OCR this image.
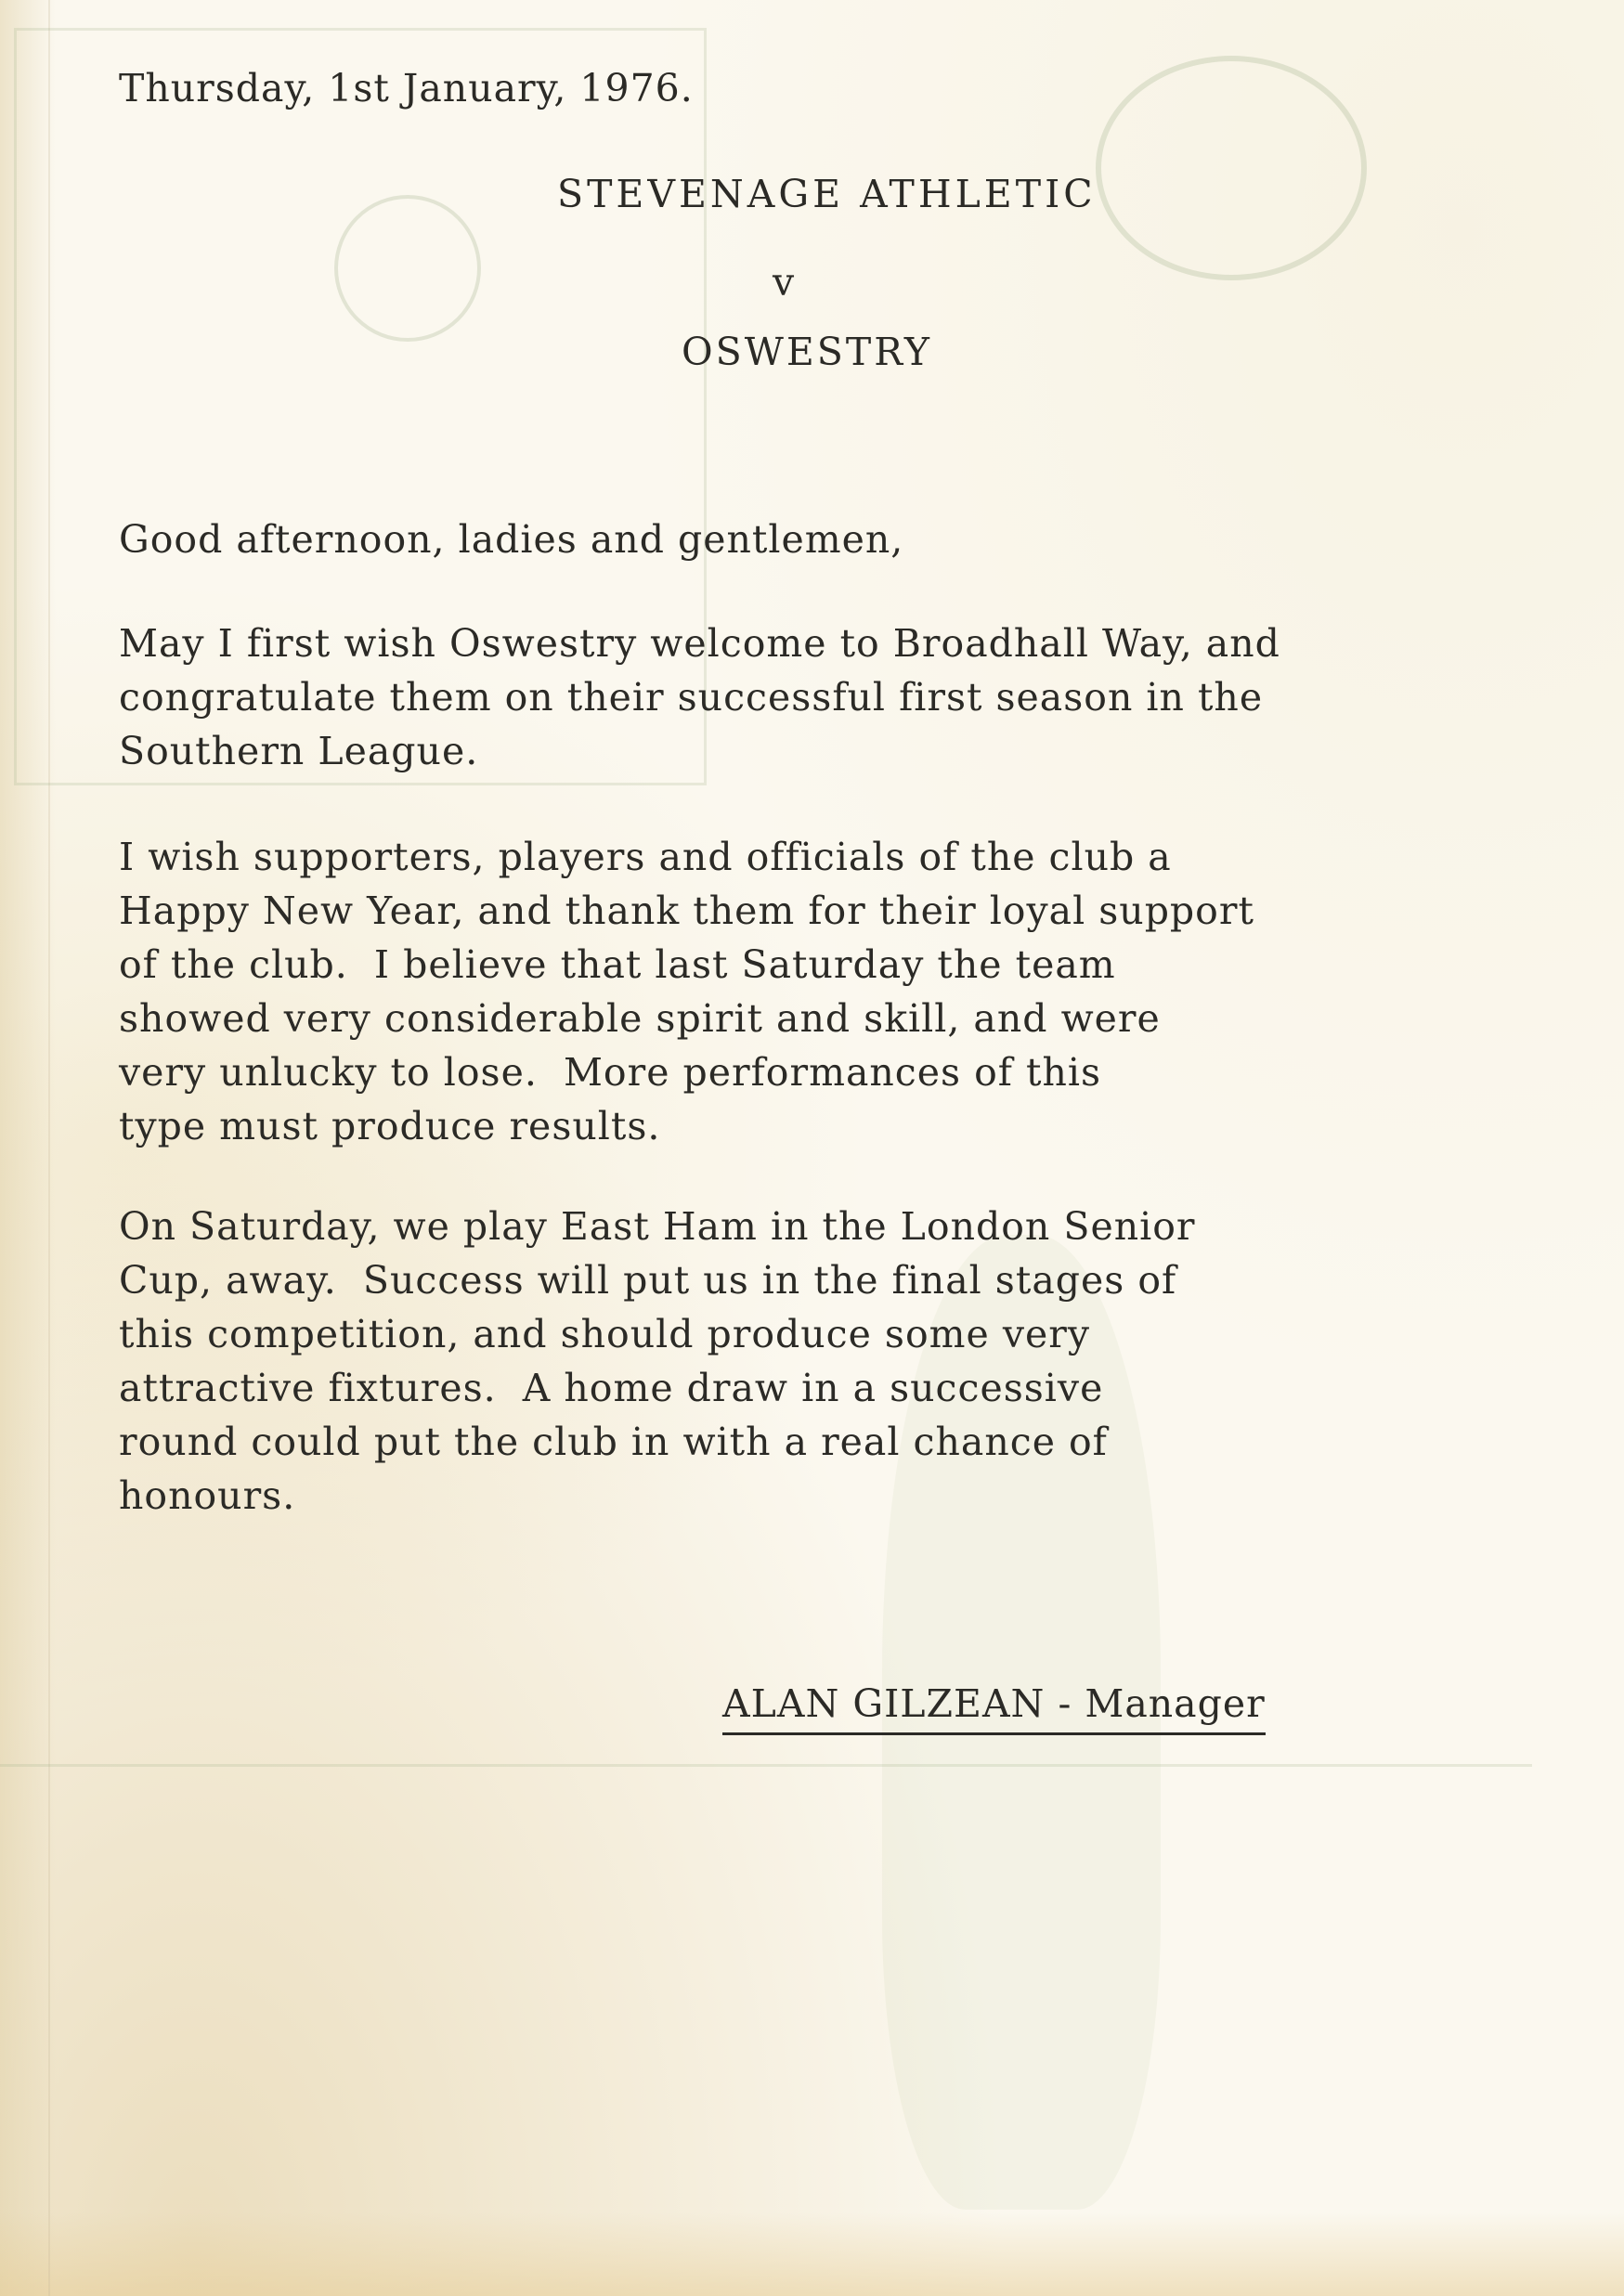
Thursday, 1st January, 1976.
STEVENAGE ATHLETIC
v
OSWESTRY
Good afternoon, ladies and gentlemen,
May I first wish Oswestry welcome to Broadhall Way, and
congratulate them on their successful first season in the
Southern League.
I wish supporters, players and officials of the club a
Happy New Year, and thank them for their loyal support
of the club.  I believe that last Saturday the team
showed very considerable spirit and skill, and were
very unlucky to lose.  More performances of this
type must produce results.
On Saturday, we play East Ham in the London Senior
Cup, away.  Success will put us in the final stages of
this competition, and should produce some very
attractive fixtures.  A home draw in a successive
round could put the club in with a real chance of
honours.
ALAN GILZEAN - Manager
